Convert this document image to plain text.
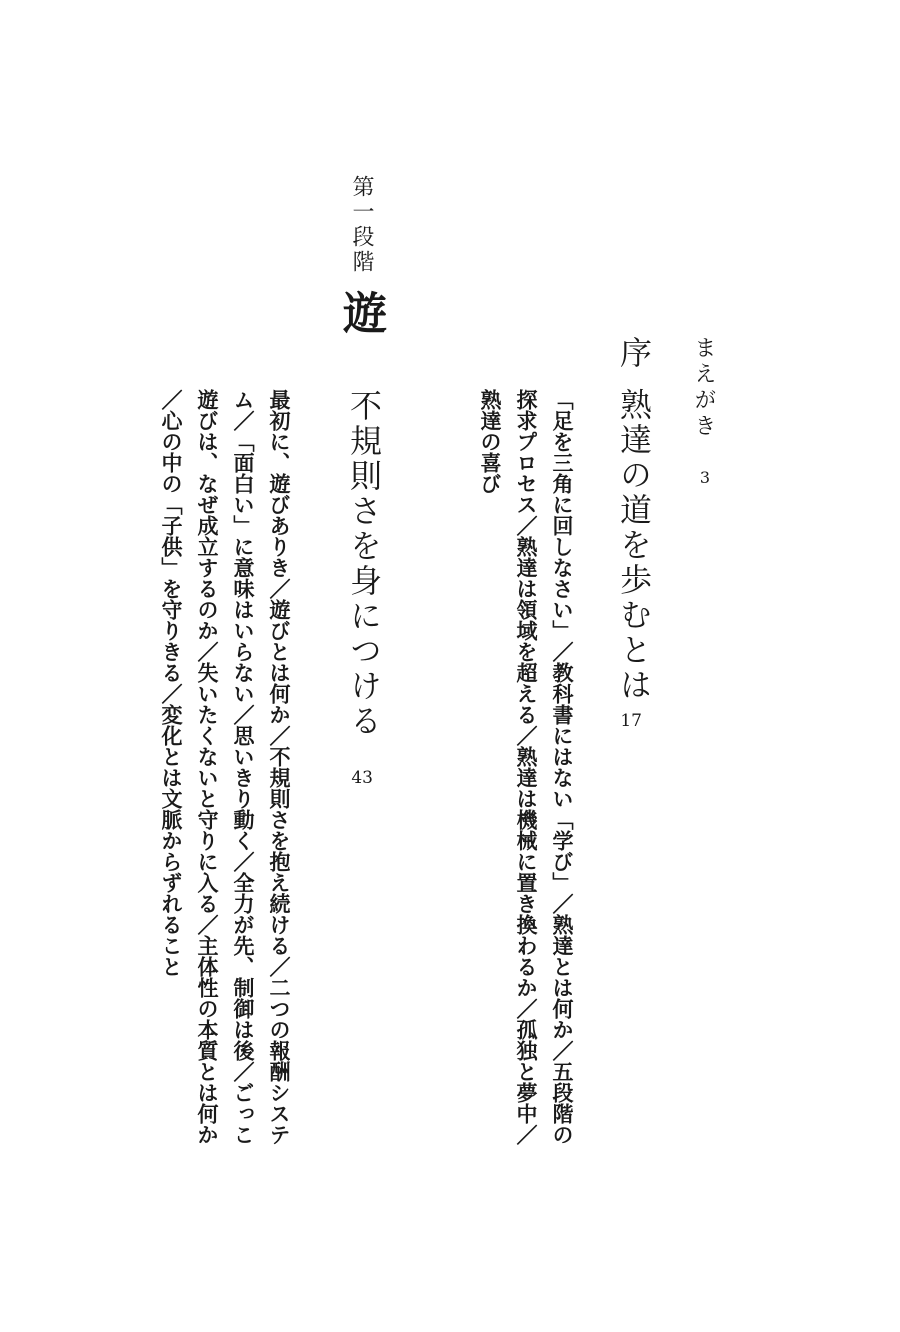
まえがき
3
序
熟達の道を歩むとは
17

「足を三角に回しなさい」／教科書にはない「学び」／熟達とは何か／五段階の探求プロセス／熟達は領域を超える／熟達は機械に置き換わるか／孤独と夢中／熟達の喜び

第一段階
遊
不規則さを身につける
43

最初に、遊びありき／遊びとは何か／不規則さを抱え続ける／二つの報酬システム／「面白い」に意味はいらない／思いきり動く／全力が先、制御は後／ごっこ遊びは、なぜ成立するのか／失いたくないと守りに入る／主体性の本質とは何か／心の中の「子供」を守りきる／変化とは文脈からずれること
